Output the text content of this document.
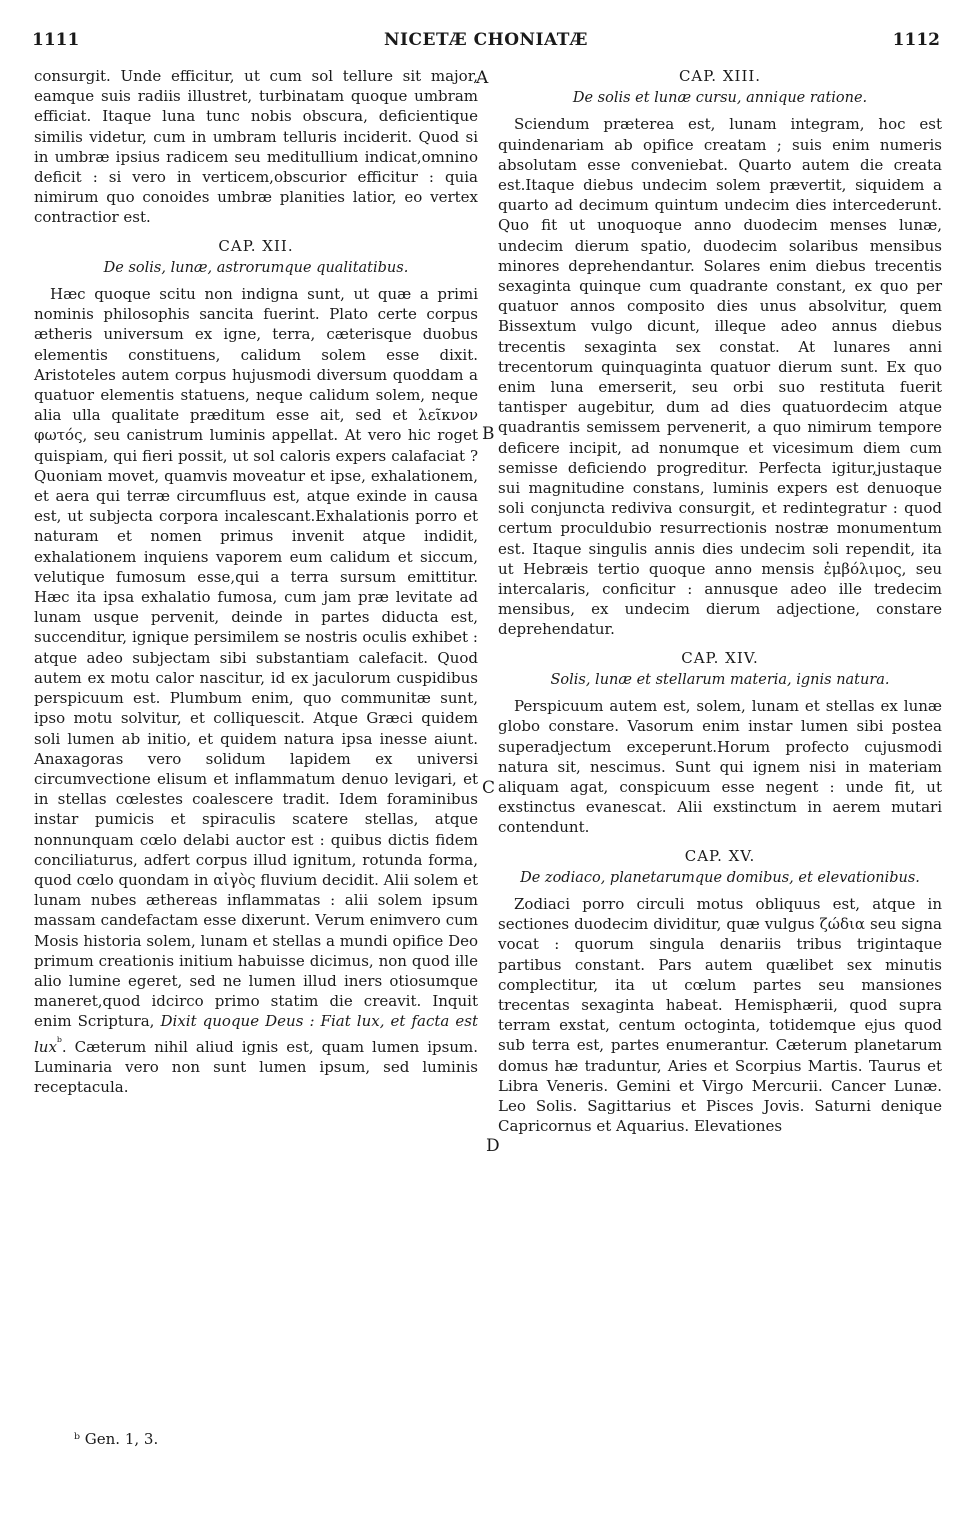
1111	NICETÆ CHONIATÆ	1112

consurgit. Unde efficitur, ut cum sol tellure sit major, eamque suis radiis illustret, turbinatam quoque umbram efficiat. Itaque luna tunc nobis obscura, deficientique similis videtur, cum in umbram telluris inciderit. Quod si in umbræ ipsius radicem seu meditullium indicat,omnino deficit : si vero in verticem,obscurior efficitur : quia nimirum quo conoides umbræ planities latior, eo vertex contractior est.

CAP. XII.
De solis, lunæ, astrorumque qualitatibus.

Hæc quoque scitu non indigna sunt, ut quæ a primi nominis philosophis sancita fuerint. Plato certe corpus ætheris universum ex igne, terra, cæterisque duobus elementis constituens, calidum solem esse dixit. Aristoteles autem corpus hujusmodi diversum quoddam a quatuor elementis statuens, neque calidum solem, neque alia ulla qualitate præditum esse ait, sed et λεῖκνον φωτός, seu canistrum luminis appellat. At vero hic roget quispiam, qui fieri possit, ut sol caloris expers calafaciat ? Quoniam movet, quamvis moveatur et ipse, exhalationem, et aera qui terræ circumfluus est, atque exinde in causa est, ut subjecta corpora incalescant.Exhalationis porro et naturam et nomen primus invenit atque indidit, exhalationem inquiens vaporem eum calidum et siccum, velutique fumosum esse,qui a terra sursum emittitur. Hæc ita ipsa exhalatio fumosa, cum jam præ levitate ad lunam usque pervenit, deinde in partes diducta est, succenditur, ignique persimilem se nostris oculis exhibet : atque adeo subjectam sibi substantiam calefacit. Quod autem ex motu calor nascitur, id ex jaculorum cuspidibus perspicuum est. Plumbum enim, quo communitæ sunt, ipso motu solvitur, et colliquescit. Atque Græci quidem soli lumen ab initio, et quidem natura ipsa inesse aiunt. Anaxagoras vero solidum lapidem ex universi circumvectione elisum et inflammatum denuo levigari, et in stellas cœlestes coalescere tradit. Idem foraminibus instar pumicis et spiraculis scatere stellas, atque nonnunquam cœlo delabi auctor est : quibus dictis fidem conciliaturus, adfert corpus illud ignitum, rotunda forma, quod cœlo quondam in αἰγὸς fluvium decidit. Alii solem et lunam nubes æthereas inflammatas : alii solem ipsum massam candefactam esse dixerunt. Verum enimvero cum Mosis historia solem, lunam et stellas a mundi opifice Deo primum creationis initium habuisse dicimus, non quod ille alio lumine egeret, sed ne lumen illud iners otiosumque maneret,quod idcirco primo statim die creavit. Inquit enim Scriptura, Dixit quoque Deus : Fiat lux, et facta est lux$^ᵇ$. Cæterum nihil aliud ignis est, quam lumen ipsum. Luminaria vero non sunt lumen ipsum, sed luminis receptacula.

CAP. XIII.
De solis et lunæ cursu, annique ratione.

Sciendum præterea est, lunam integram, hoc est quindenariam ab opifice creatam ; suis enim numeris absolutam esse conveniebat. Quarto autem die creata est.Itaque diebus undecim solem prævertit, siquidem a quarto ad decimum quintum undecim dies intercederunt. Quo fit ut unoquoque anno duodecim menses lunæ, undecim dierum spatio, duodecim solaribus mensibus minores deprehendantur. Solares enim diebus trecentis sexaginta quinque cum quadrante constant, ex quo per quatuor annos composito dies unus absolvitur, quem Bissextum vulgo dicunt, illeque adeo annus diebus trecentis sexaginta sex constat. At lunares anni trecentorum quinquaginta quatuor dierum sunt. Ex quo enim luna emerserit, seu orbi suo restituta fuerit tantisper augebitur, dum ad dies quatuordecim atque quadrantis semissem pervenerit, a quo nimirum tempore deficere incipit, ad nonumque et vicesimum diem cum semisse deficiendo progreditur. Perfecta igitur,justaque sui magnitudine constans, luminis expers est denuoque soli conjuncta rediviva consurgit, et redintegratur : quod certum proculdubio resurrectionis nostræ monumentum est. Itaque singulis annis dies undecim soli rependit, ita ut Hebræis tertio quoque anno mensis ἐμβόλιμος, seu intercalaris, conficitur : annusque adeo ille tredecim mensibus, ex undecim dierum adjectione, constare deprehendatur.

CAP. XIV.
Solis, lunæ et stellarum materia, ignis natura.

Perspicuum autem est, solem, lunam et stellas ex lunæ globo constare. Vasorum enim instar lumen sibi postea superadjectum exceperunt.Horum profecto cujusmodi natura sit, nescimus. Sunt qui ignem nisi in materiam aliquam agat, conspicuum esse negent : unde fit, ut exstinctus evanescat. Alii exstinctum in aerem mutari contendunt.

CAP. XV.
De zodiaco, planetarumque domibus, et elevationibus.

Zodiaci porro circuli motus obliquus est, atque in sectiones duodecim dividitur, quæ vulgus ζώδια seu signa vocat : quorum singula denariis tribus trigintaque partibus constant. Pars autem quælibet sex minutis complectitur, ita ut cœlum partes seu mansiones trecentas sexaginta habeat. Hemisphærii, quod supra terram exstat, centum octoginta, totidemque ejus quod sub terra est, partes enumerantur. Cæterum planetarum domus hæ traduntur, Aries et Scorpius Martis. Taurus et Libra Veneris. Gemini et Virgo Mercurii. Cancer Lunæ. Leo Solis. Sagittarius et Pisces Jovis. Saturni denique Capricornus et Aquarius. Elevationes

A
B
C
D
ᵇ Gen. 1, 3.
